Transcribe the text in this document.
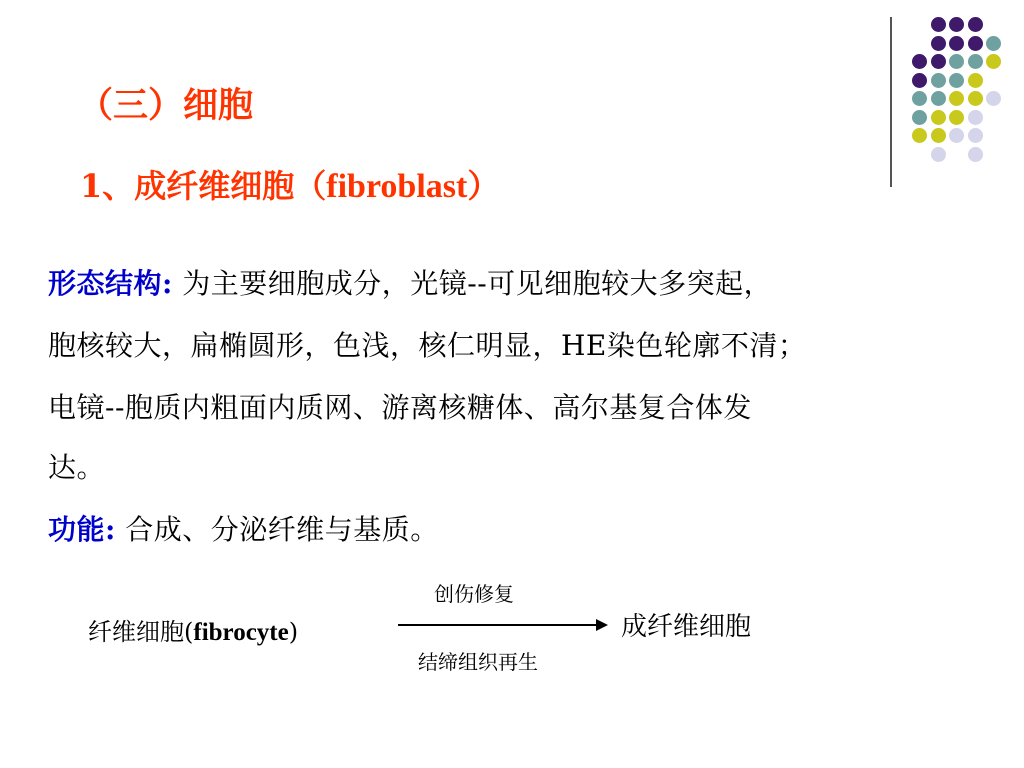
（三）细胞
1、成纤维细胞（fibroblast）
形态结构: 为主要细胞成分，光镜--可见细胞较大多突起，
胞核较大，扁椭圆形，色浅，核仁明显，HE染色轮廓不清；
电镜--胞质内粗面内质网、游离核糖体、高尔基复合体发
达。
功能: 合成、分泌纤维与基质。
纤维细胞(fibrocyte)
创伤修复
结缔组织再生
成纤维细胞
